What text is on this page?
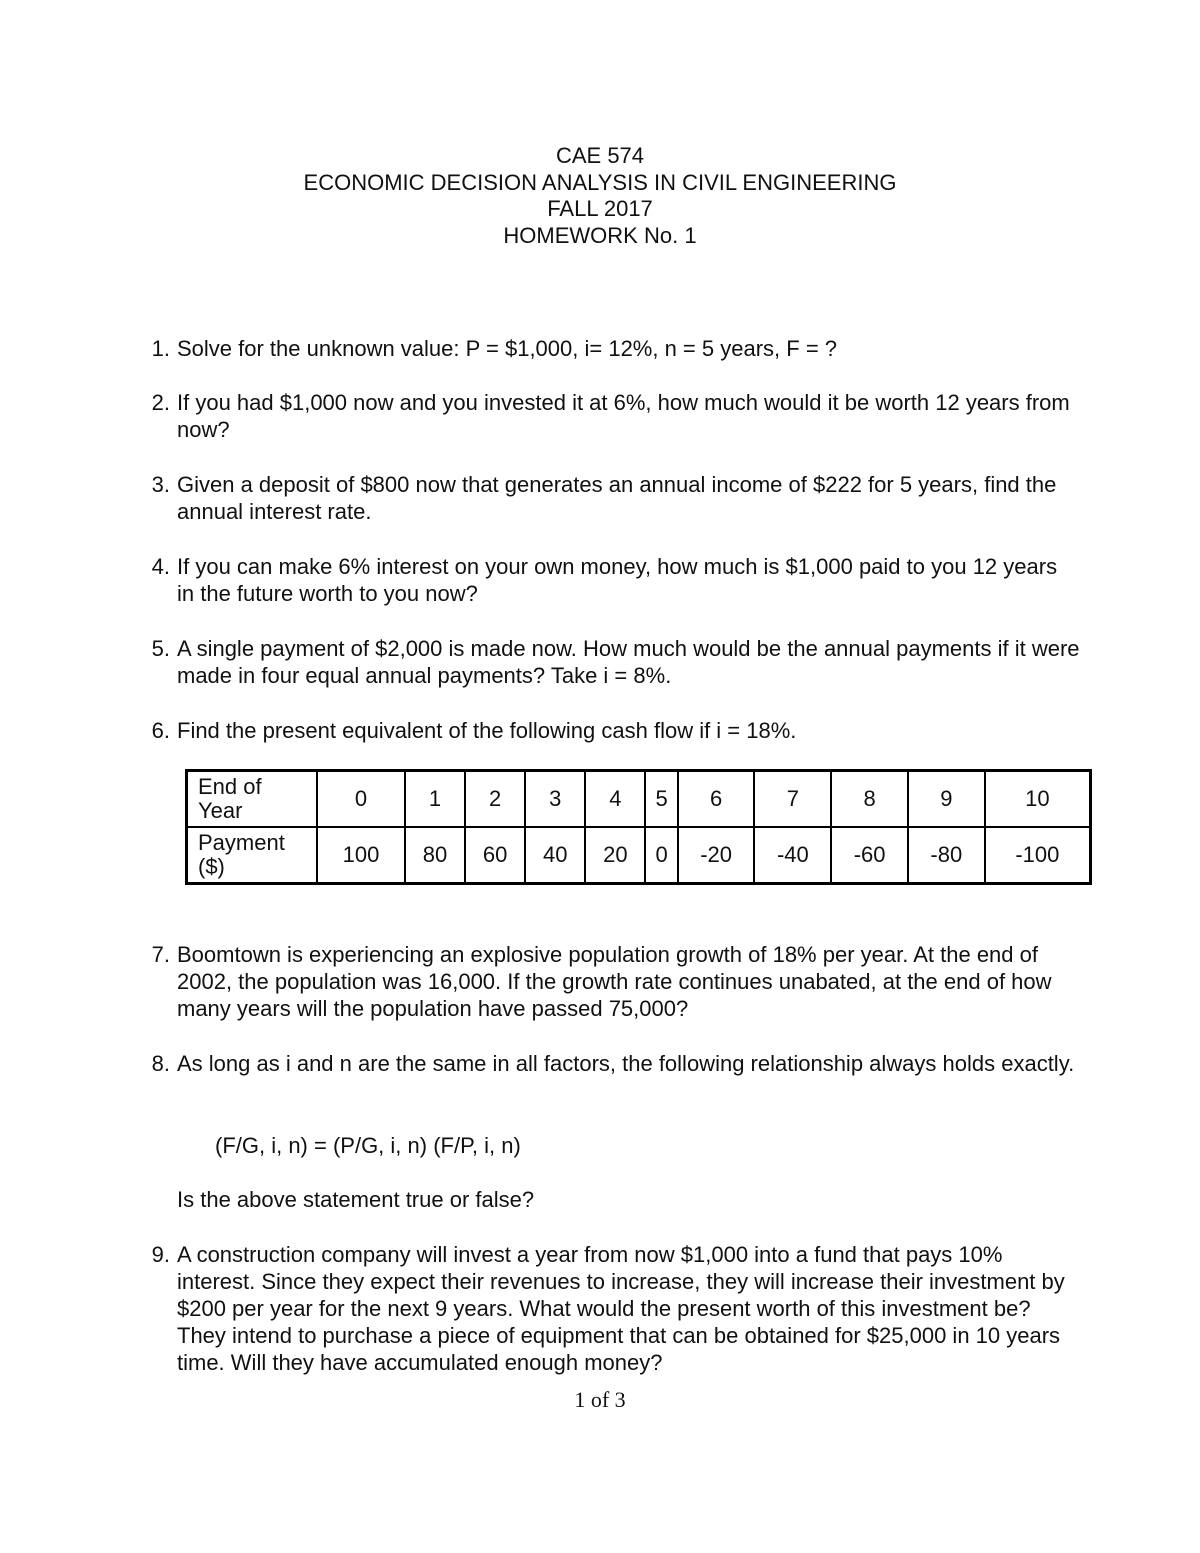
CAE 574
ECONOMIC DECISION ANALYSIS IN CIVIL ENGINEERING
FALL 2017
HOMEWORK No. 1
1. Solve for the unknown value: P = $1,000, i= 12%, n = 5 years, F = ?
2. If you had $1,000 now and you invested it at 6%, how much would it be worth 12 years from now?
3. Given a deposit of $800 now that generates an annual income of $222 for 5 years, find the annual interest rate.
4. If you can make 6% interest on your own money, how much is $1,000 paid to you 12 years in the future worth to you now?
5. A single payment of $2,000 is made now. How much would be the annual payments if it were made in four equal annual payments? Take i = 8%.
6. Find the present equivalent of the following cash flow if i = 18%.
End of
Year	0	1	2	3	4	5	6	7	8	9	10

Payment
($)	100	80	60	40	20	0	-20	-40	-60	-80	-100
7. Boomtown is experiencing an explosive population growth of 18% per year. At the end of 2002, the population was 16,000. If the growth rate continues unabated, at the end of how many years will the population have passed 75,000?
8. As long as i and n are the same in all factors, the following relationship always holds exactly.
(F/G, i, n) = (P/G, i, n) (F/P, i, n)
Is the above statement true or false?
9. A construction company will invest a year from now $1,000 into a fund that pays 10% interest. Since they expect their revenues to increase, they will increase their investment by $200 per year for the next 9 years. What would the present worth of this investment be? They intend to purchase a piece of equipment that can be obtained for $25,000 in 10 years time. Will they have accumulated enough money?
1 of 3
